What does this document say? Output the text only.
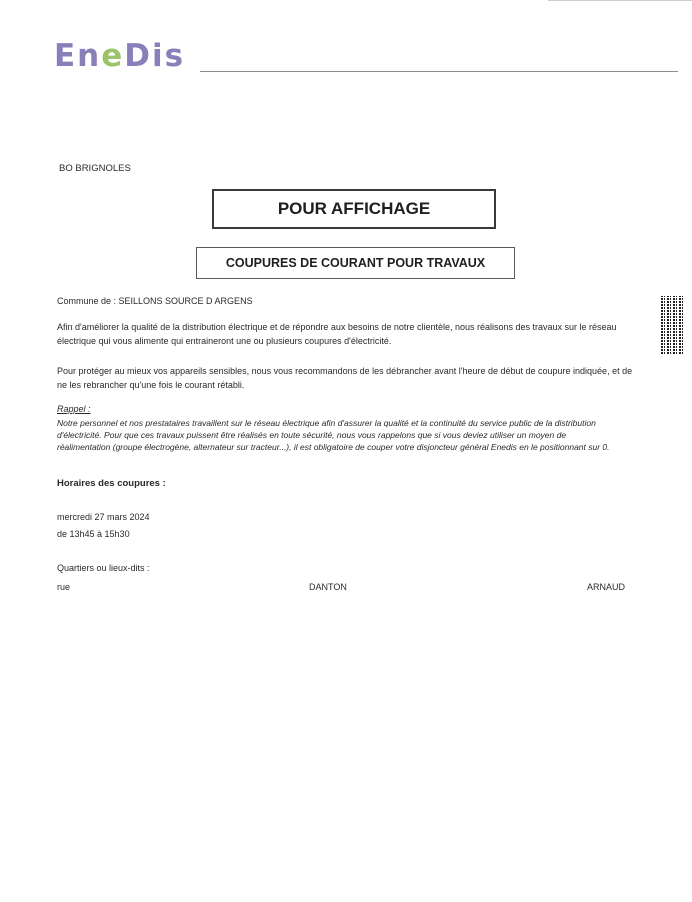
EneDis
BO BRIGNOLES
POUR AFFICHAGE
COUPURES DE COURANT POUR TRAVAUX
Commune de : SEILLONS SOURCE D ARGENS
Afin d'améliorer la qualité de la distribution électrique et de répondre aux besoins de notre clientèle, nous réalisons des travaux sur le réseau électrique qui vous alimente qui entraineront une ou plusieurs coupures d'électricité.
Pour protéger au mieux vos appareils sensibles, nous vous recommandons de les débrancher avant l'heure de début de coupure indiquée, et de ne les rebrancher qu'une fois le courant rétabli.
Rappel :
Notre personnel et nos prestataires travaillent sur le réseau électrique afin d'assurer la qualité et la continuité du service public de la distribution d'électricité. Pour que ces travaux puissent être réalisés en toute sécurité, nous vous rappelons que si vous deviez utiliser un moyen de réalimentation (groupe électrogène, alternateur sur tracteur...), il est obligatoire de couper votre disjoncteur général Enedis en le positionnant sur 0.
Horaires des coupures :
mercredi 27 mars 2024
de 13h45 à 15h30
Quartiers ou lieux-dits :
rue	DANTON	ARNAUD
